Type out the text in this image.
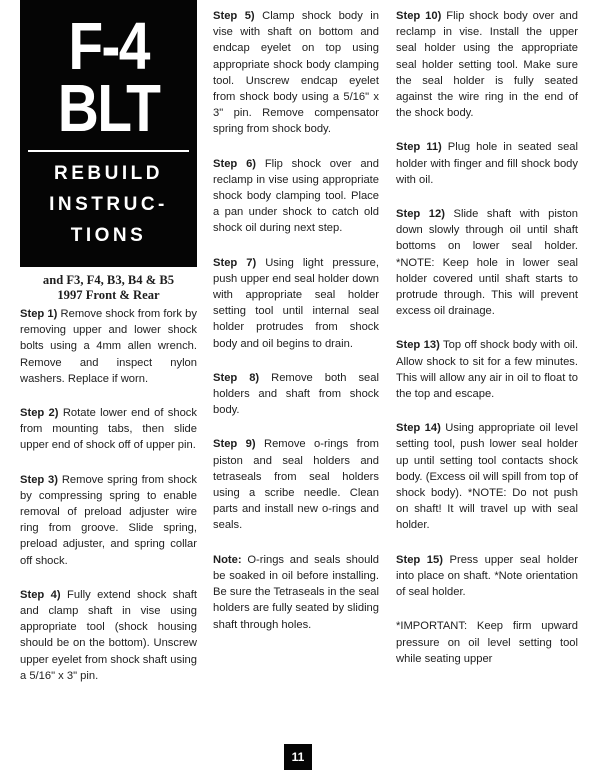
F-4
BLT
REBUILD
INSTRUC-
TIONS
and F3, F4, B3, B4 & B5
1997 Front & Rear
Step 1) Remove shock from fork by removing upper and lower shock bolts using a 4mm allen wrench. Remove and inspect nylon washers. Replace if worn.
Step 2) Rotate lower end of shock from mounting tabs, then slide upper end of shock off of upper pin.
Step 3) Remove spring from shock by compressing spring to enable removal of preload adjuster wire ring from groove. Slide spring, preload adjuster, and spring collar off shock.
Step 4) Fully extend shock shaft and clamp shaft in vise using appropriate tool (shock housing should be on the bottom). Unscrew upper eyelet from shock shaft using a 5/16" x 3" pin.
Step 5) Clamp shock body in vise with shaft on bottom and endcap eyelet on top using appropriate shock body clamping tool. Unscrew endcap eyelet from shock body using a 5/16" x 3" pin. Remove compensator spring from shock body.
Step 6) Flip shock over and reclamp in vise using appropriate shock body clamping tool. Place a pan under shock to catch old shock oil during next step.
Step 7) Using light pressure, push upper end seal holder down with appropriate seal holder setting tool until internal seal holder protrudes from shock body and oil begins to drain.
Step 8) Remove both seal holders and shaft from shock body.
Step 9) Remove o-rings from piston and seal holders and tetraseals from seal holders using a scribe needle. Clean parts and install new o-rings and seals.
Note: O-rings and seals should be soaked in oil before installing. Be sure the Tetraseals in the seal holders are fully seated by sliding shaft through holes.
Step 10) Flip shock body over and reclamp in vise. Install the upper seal holder using the appropriate seal holder setting tool. Make sure the seal holder is fully seated against the wire ring in the end of the shock body.
Step 11) Plug hole in seated seal holder with finger and fill shock body with oil.
Step 12) Slide shaft with piston down slowly through oil until shaft bottoms on lower seal holder. *NOTE: Keep hole in lower seal holder covered until shaft starts to protrude through. This will prevent excess oil drainage.
Step 13) Top off shock body with oil. Allow shock to sit for a few minutes. This will allow any air in oil to float to the top and escape.
Step 14) Using appropriate oil level setting tool, push lower seal holder up until setting tool contacts shock body. (Excess oil will spill from top of shock body). *NOTE: Do not push on shaft! It will travel up with seal holder.
Step 15) Press upper seal holder into place on shaft. *Note orientation of seal holder.
*IMPORTANT: Keep firm upward pressure on oil level setting tool while seating upper
11
